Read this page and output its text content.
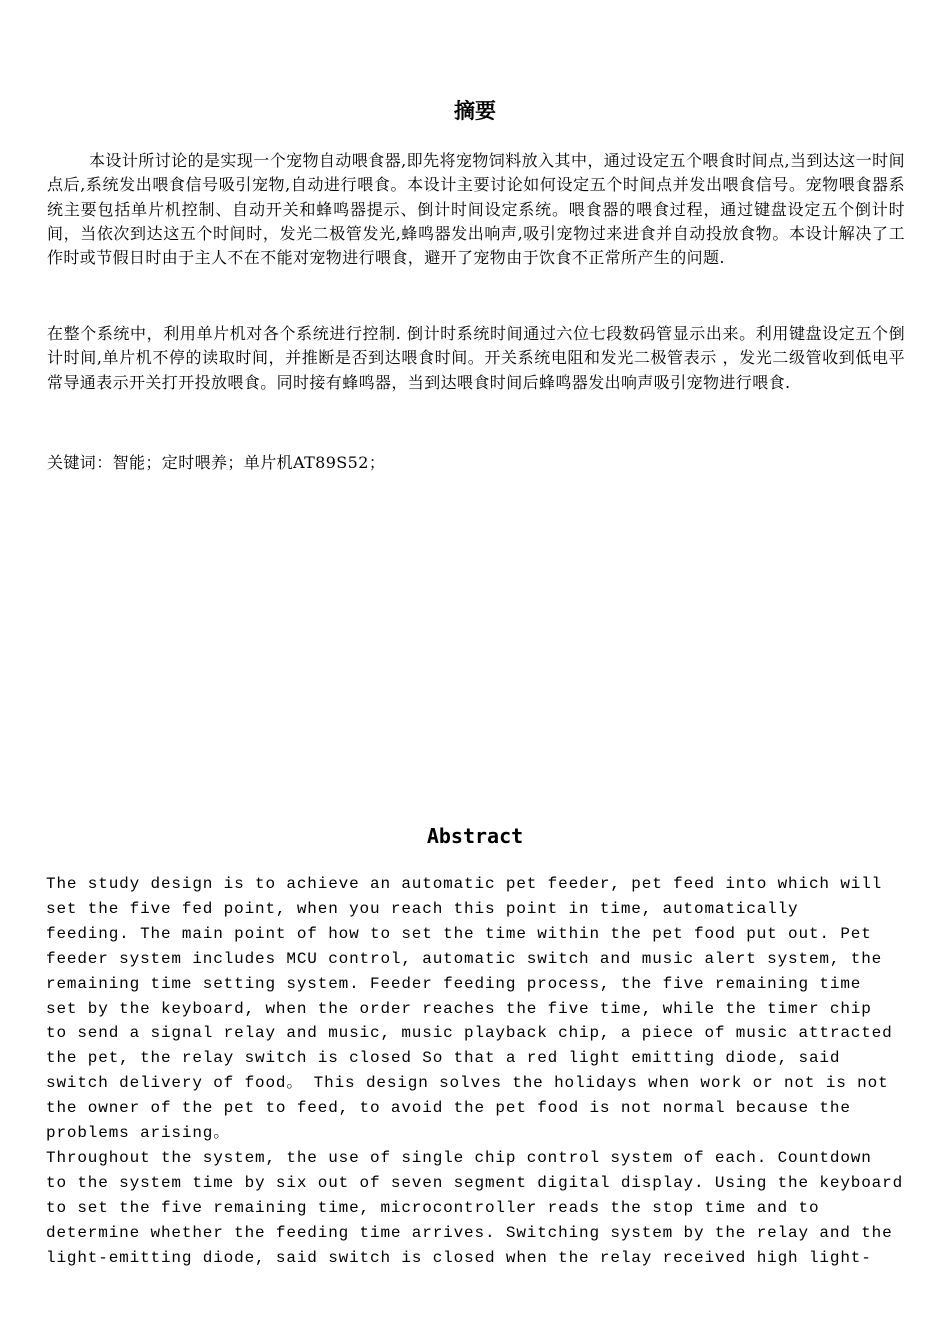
摘要

本设计所讨论的是实现一个宠物自动喂食器,即先将宠物饲料放入其中，通过设定五个喂食时间点,当到达这一时间点后,系统发出喂食信号吸引宠物,自动进行喂食。本设计主要讨论如何设定五个时间点并发出喂食信号。宠物喂食器系统主要包括单片机控制、自动开关和蜂鸣器提示、倒计时间设定系统。喂食器的喂食过程，通过键盘设定五个倒计时间，当依次到达这五个时间时，发光二极管发光,蜂鸣器发出响声,吸引宠物过来进食并自动投放食物。本设计解决了工作时或节假日时由于主人不在不能对宠物进行喂食，避开了宠物由于饮食不正常所产生的问题.

在整个系统中，利用单片机对各个系统进行控制. 倒计时系统时间通过六位七段数码管显示出来。利用键盘设定五个倒计时间,单片机不停的读取时间，并推断是否到达喂食时间。开关系统电阻和发光二极管表示 ，发光二级管收到低电平常导通表示开关打开投放喂食。同时接有蜂鸣器，当到达喂食时间后蜂鸣器发出响声吸引宠物进行喂食.

关键词：智能；定时喂养；单片机AT89S52；

Abstract

The study design is to achieve an automatic pet feeder, pet feed into which will
set the five fed point, when you reach this point in time, automatically
feeding. The main point of how to set the time within the pet food put out. Pet
feeder system includes MCU control, automatic switch and music alert system, the
remaining time setting system. Feeder feeding process, the five remaining time
set by the keyboard, when the order reaches the five time, while the timer chip
to send a signal relay and music, music playback chip, a piece of music attracted
the pet, the relay switch is closed So that a red light emitting diode, said
switch delivery of food。 This design solves the holidays when work or not is not
the owner of the pet to feed, to avoid the pet food is not normal because the
problems arising。

Throughout the system, the use of single chip control system of each. Countdown
to the system time by six out of seven segment digital display. Using the keyboard
to set the five remaining time, microcontroller reads the stop time and to
determine whether the feeding time arrives. Switching system by the relay and the
light-emitting diode, said switch is closed when the relay received high light-
